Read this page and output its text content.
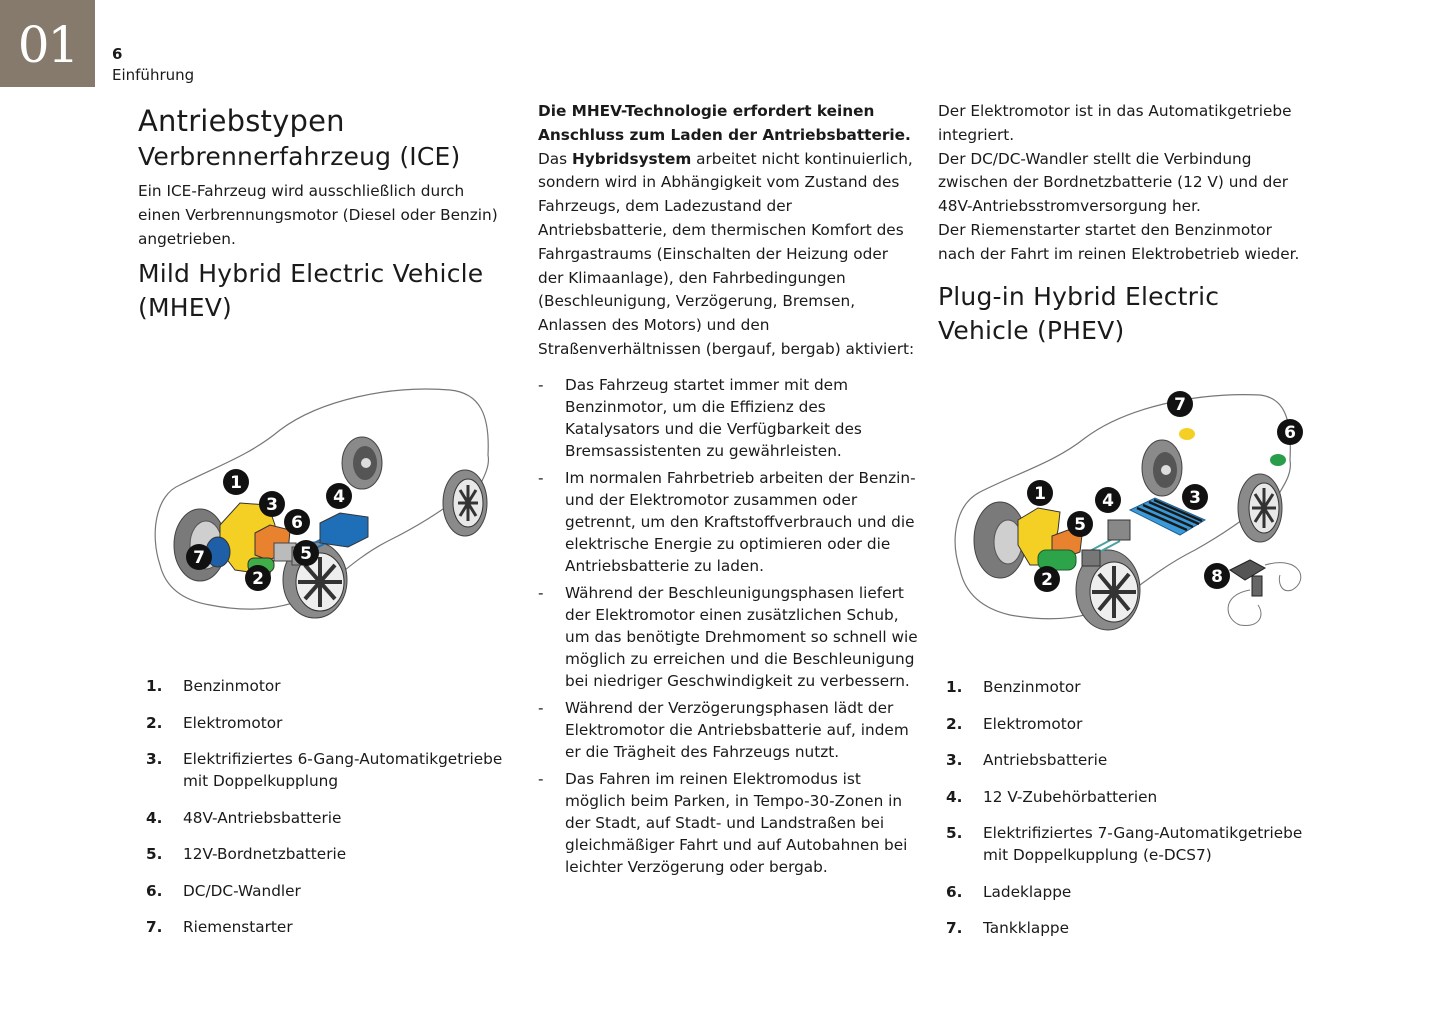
01 6
Einführung
Antriebstypen
Verbrennerfahrzeug (ICE)

Ein ICE-Fahrzeug wird ausschließlich durch einen Verbrennungsmotor (Diesel oder Benzin) angetrieben.

Mild Hybrid Electric Vehicle
(MHEV)
1
2
3	4
5
6
7
1.	Benzinmotor
2.	Elektromotor
3.	Elektrifiziertes 6-Gang-Automatikgetriebe mit Doppelkupplung
4.	48V-Antriebsbatterie
5.	12V-Bordnetzbatterie
6.	DC/DC-Wandler
7.	Riemenstarter

Die MHEV-Technologie erfordert keinen Anschluss zum Laden der Antriebsbatterie.
Das Hybridsystem arbeitet nicht kontinuierlich, sondern wird in Abhängigkeit vom Zustand des Fahrzeugs, dem Ladezustand der Antriebsbatterie, dem thermischen Komfort des Fahrgastraums (Einschalten der Heizung oder der Klimaanlage), den Fahrbedingungen (Beschleunigung, Verzögerung, Bremsen, Anlassen des Motors) und den Straßenverhältnissen (bergauf, bergab) aktiviert:

-	Das Fahrzeug startet immer mit dem Benzinmotor, um die Effizienz des Katalysators und die Verfügbarkeit des Bremsassistenten zu gewährleisten.
-	Im normalen Fahrbetrieb arbeiten der Benzin- und der Elektromotor zusammen oder getrennt, um den Kraftstoffverbrauch und die elektrische Energie zu optimieren oder die Antriebsbatterie zu laden.
-	Während der Beschleunigungsphasen liefert der Elektromotor einen zusätzlichen Schub, um das benötigte Drehmoment so schnell wie möglich zu erreichen und die Beschleunigung bei niedriger Geschwindigkeit zu verbessern.
-	Während der Verzögerungsphasen lädt der Elektromotor die Antriebsbatterie auf, indem er die Trägheit des Fahrzeugs nutzt.
-	Das Fahren im reinen Elektromodus ist möglich beim Parken, in Tempo-30-Zonen in der Stadt, auf Stadt- und Landstraßen bei gleichmäßiger Fahrt und auf Autobahnen bei leichter Verzögerung oder bergab.

Der Elektromotor ist in das Automatikgetriebe
integriert.
Der DC/DC-Wandler stellt die Verbindung
zwischen der Bordnetzbatterie (12 V) und der
48V-Antriebsstromversorgung her.
Der Riemenstarter startet den Benzinmotor
nach der Fahrt im reinen Elektrobetrieb wieder.

Plug-in Hybrid Electric
Vehicle (PHEV)
1
2
3
4
5
6
7
8
1.	Benzinmotor
2.	Elektromotor
3.	Antriebsbatterie
4.	12 V-Zubehörbatterien
5.	Elektrifiziertes 7-Gang-Automatikgetriebe mit Doppelkupplung (e-DCS7)
6.	Ladeklappe
7.	Tankklappe
